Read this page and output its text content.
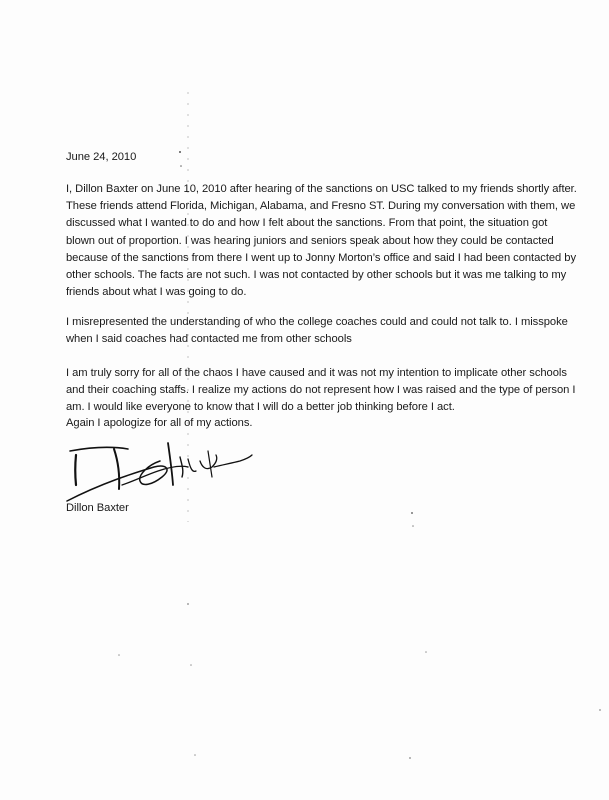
June 24, 2010
I, Dillon Baxter on June 10, 2010 after hearing of the sanctions on USC talked to my friends shortly after.
These friends attend Florida, Michigan, Alabama, and Fresno ST. During my conversation with them, we
discussed what I wanted to do and how I felt about the sanctions. From that point, the situation got
blown out of proportion. I was hearing juniors and seniors speak about how they could be contacted
because of the sanctions from there I went up to Jonny Morton’s office and said I had been contacted by
other schools. The facts are not such. I was not contacted by other schools but it was me talking to my
friends about what I was going to do.
I misrepresented the understanding of who the college coaches could and could not talk to. I misspoke
when I said coaches had contacted me from other schools
I am truly sorry for all of the chaos I have caused and it was not my intention to implicate other schools
and their coaching staffs. I realize my actions do not represent how I was raised and the type of person I
am. I would like everyone to know that I will do a better job thinking before I act.
Again I apologize for all of my actions.
Dillon Baxter
